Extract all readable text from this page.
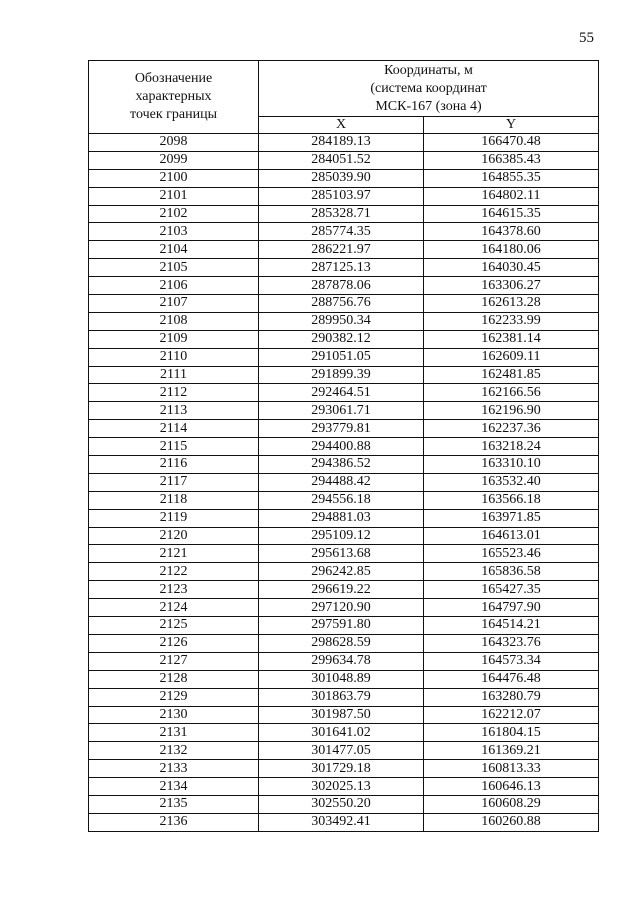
55
Обозначение
характерных
точек границы	Координаты, м
(система координат
МСК-167 (зона 4)	
	X	Y
2098	284189.13	166470.48
2099	284051.52	166385.43
2100	285039.90	164855.35
2101	285103.97	164802.11
2102	285328.71	164615.35
2103	285774.35	164378.60
2104	286221.97	164180.06
2105	287125.13	164030.45
2106	287878.06	163306.27
2107	288756.76	162613.28
2108	289950.34	162233.99
2109	290382.12	162381.14
2110	291051.05	162609.11
2111	291899.39	162481.85
2112	292464.51	162166.56
2113	293061.71	162196.90
2114	293779.81	162237.36
2115	294400.88	163218.24
2116	294386.52	163310.10
2117	294488.42	163532.40
2118	294556.18	163566.18
2119	294881.03	163971.85
2120	295109.12	164613.01
2121	295613.68	165523.46
2122	296242.85	165836.58
2123	296619.22	165427.35
2124	297120.90	164797.90
2125	297591.80	164514.21
2126	298628.59	164323.76
2127	299634.78	164573.34
2128	301048.89	164476.48
2129	301863.79	163280.79
2130	301987.50	162212.07
2131	301641.02	161804.15
2132	301477.05	161369.21
2133	301729.18	160813.33
2134	302025.13	160646.13
2135	302550.20	160608.29
2136	303492.41	160260.88
